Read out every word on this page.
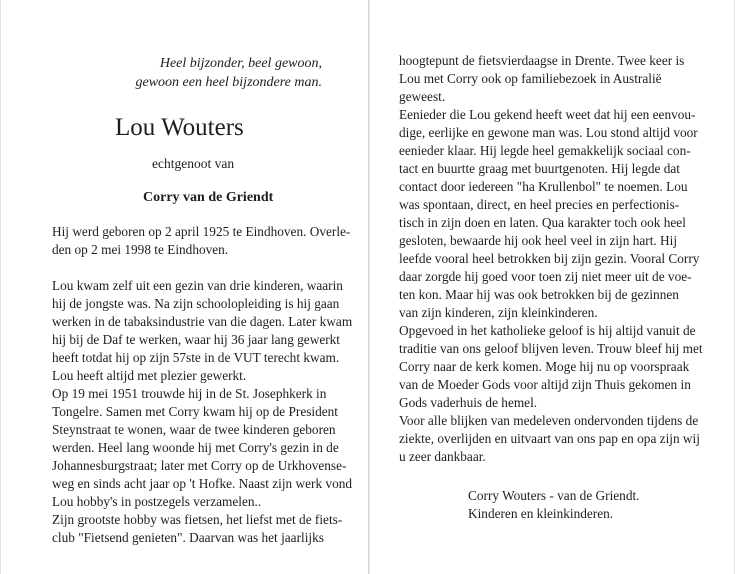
Heel bijzonder, beel gewoon,
gewoon een heel bijzondere man.
Lou Wouters
echtgenoot van
Corry van de Griendt
Hij werd geboren op 2 april 1925 te Eindhoven. Overle-
den op 2 mei 1998 te Eindhoven.
Lou kwam zelf uit een gezin van drie kinderen, waarin
hij de jongste was. Na zijn schoolopleiding is hij gaan
werken in de tabaksindustrie van die dagen. Later kwam
hij bij de Daf te werken, waar hij 36 jaar lang gewerkt
heeft totdat hij op zijn 57ste in de VUT terecht kwam.
Lou heeft altijd met plezier gewerkt.
Op 19 mei 1951 trouwde hij in de St. Josephkerk in
Tongelre. Samen met Corry kwam hij op de President
Steynstraat te wonen, waar de twee kinderen geboren
werden. Heel lang woonde hij met Corry's gezin in de
Johannesburgstraat; later met Corry op de Urkhovense-
weg en sinds acht jaar op 't Hofke. Naast zijn werk vond
Lou hobby's in postzegels verzamelen..
Zijn grootste hobby was fietsen, het liefst met de fiets-
club "Fietsend genieten". Daarvan was het jaarlijks
hoogtepunt de fietsvierdaagse in Drente. Twee keer is
Lou met Corry ook op familiebezoek in Australië
geweest.
Eenieder die Lou gekend heeft weet dat hij een eenvou-
dige, eerlijke en gewone man was. Lou stond altijd voor
eenieder klaar. Hij legde heel gemakkelijk sociaal con-
tact en buurtte graag met buurtgenoten. Hij legde dat
contact door iedereen "ha Krullenbol" te noemen. Lou
was spontaan, direct, en heel precies en perfectionis-
tisch in zijn doen en laten. Qua karakter toch ook heel
gesloten, bewaarde hij ook heel veel in zijn hart. Hij
leefde vooral heel betrokken bij zijn gezin. Vooral Corry
daar zorgde hij goed voor toen zij niet meer uit de voe-
ten kon. Maar hij was ook betrokken bij de gezinnen
van zijn kinderen, zijn kleinkinderen.
Opgevoed in het katholieke geloof is hij altijd vanuit de
traditie van ons geloof blijven leven. Trouw bleef hij met
Corry naar de kerk komen. Moge hij nu op voorspraak
van de Moeder Gods voor altijd zijn Thuis gekomen in
Gods vaderhuis de hemel.
Voor alle blijken van medeleven ondervonden tijdens de
ziekte, overlijden en uitvaart van ons pap en opa zijn wij
u zeer dankbaar.
Corry Wouters - van de Griendt.
Kinderen en kleinkinderen.
